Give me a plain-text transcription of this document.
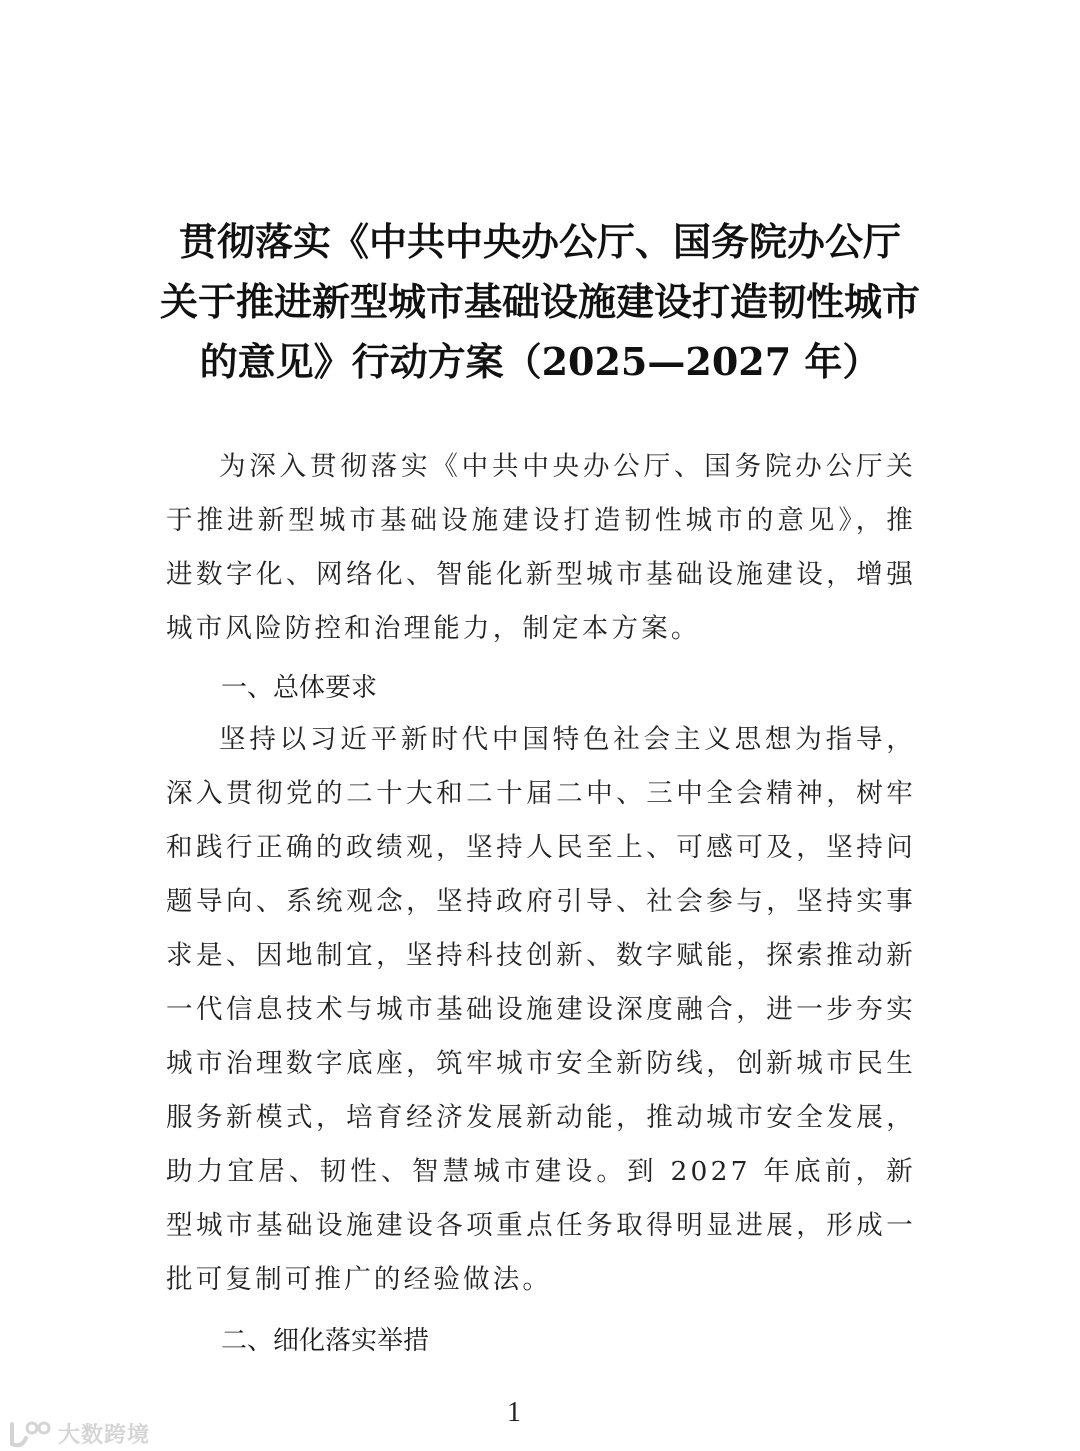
贯彻落实《中共中央办公厅、国务院办公厅
关于推进新型城市基础设施建设打造韧性城市
的意见》行动方案（2025—2027 年）

为深入贯彻落实《中共中央办公厅、国务院办公厅关于推进新型城市基础设施建设打造韧性城市的意见》，推进数字化、网络化、智能化新型城市基础设施建设，增强城市风险防控和治理能力，制定本方案。

一、总体要求

坚持以习近平新时代中国特色社会主义思想为指导，深入贯彻党的二十大和二十届二中、三中全会精神，树牢和践行正确的政绩观，坚持人民至上、可感可及，坚持问题导向、系统观念，坚持政府引导、社会参与，坚持实事求是、因地制宜，坚持科技创新、数字赋能，探索推动新一代信息技术与城市基础设施建设深度融合，进一步夯实城市治理数字底座，筑牢城市安全新防线，创新城市民生服务新模式，培育经济发展新动能，推动城市安全发展，助力宜居、韧性、智慧城市建设。到 2027 年底前，新型城市基础设施建设各项重点任务取得明显进展，形成一批可复制可推广的经验做法。

二、细化落实举措
1
大数跨境
